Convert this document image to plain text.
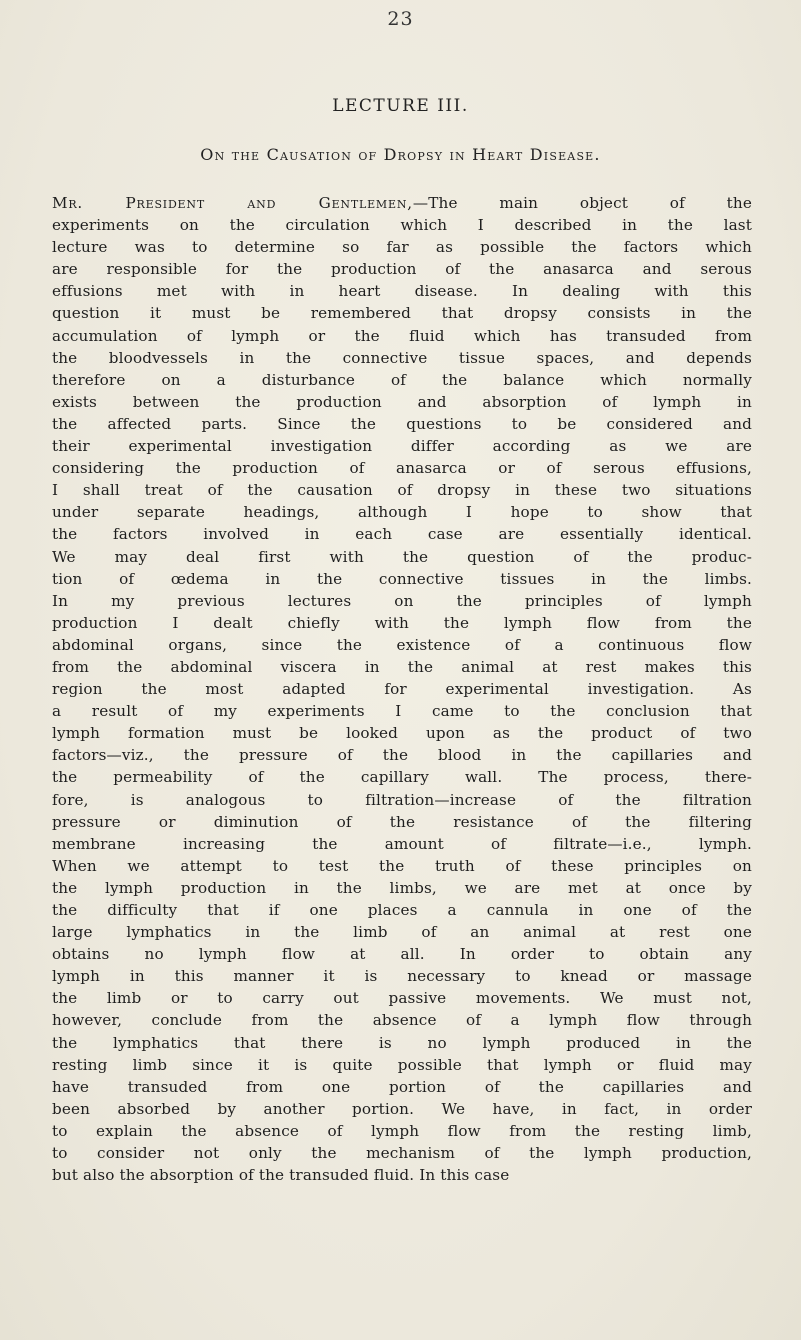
23
LECTURE III.
On the Causation of Dropsy in Heart Disease.
Mr. President and Gentlemen,—The main object of the
experiments on the circulation which I described in the last
lecture was to determine so far as possible the factors which
are responsible for the production of the anasarca and serous
effusions met with in heart disease. In dealing with this
question it must be remembered that dropsy consists in the
accumulation of lymph or the fluid which has transuded from
the bloodvessels in the connective tissue spaces, and depends
therefore on a disturbance of the balance which normally
exists between the production and absorption of lymph in
the affected parts. Since the questions to be considered and
their experimental investigation differ according as we are
considering the production of anasarca or of serous effusions,
I shall treat of the causation of dropsy in these two situations
under separate headings, although I hope to show that
the factors involved in each case are essentially identical.
We may deal first with the question of the produc-
tion of œdema in the connective tissues in the limbs.
In my previous lectures on the principles of lymph
production I dealt chiefly with the lymph flow from the
abdominal organs, since the existence of a continuous flow
from the abdominal viscera in the animal at rest makes this
region the most adapted for experimental investigation. As
a result of my experiments I came to the conclusion that
lymph formation must be looked upon as the product of two
factors—viz., the pressure of the blood in the capillaries and
the permeability of the capillary wall. The process, there-
fore, is analogous to filtration—increase of the filtration
pressure or diminution of the resistance of the filtering
membrane increasing the amount of filtrate—i.e., lymph.
When we attempt to test the truth of these principles on
the lymph production in the limbs, we are met at once by
the difficulty that if one places a cannula in one of the
large lymphatics in the limb of an animal at rest one
obtains no lymph flow at all. In order to obtain any
lymph in this manner it is necessary to knead or massage
the limb or to carry out passive movements. We must not,
however, conclude from the absence of a lymph flow through
the lymphatics that there is no lymph produced in the
resting limb since it is quite possible that lymph or fluid may
have transuded from one portion of the capillaries and
been absorbed by another portion. We have, in fact, in order
to explain the absence of lymph flow from the resting limb,
to consider not only the mechanism of the lymph production,
but also the absorption of the transuded fluid. In this case
